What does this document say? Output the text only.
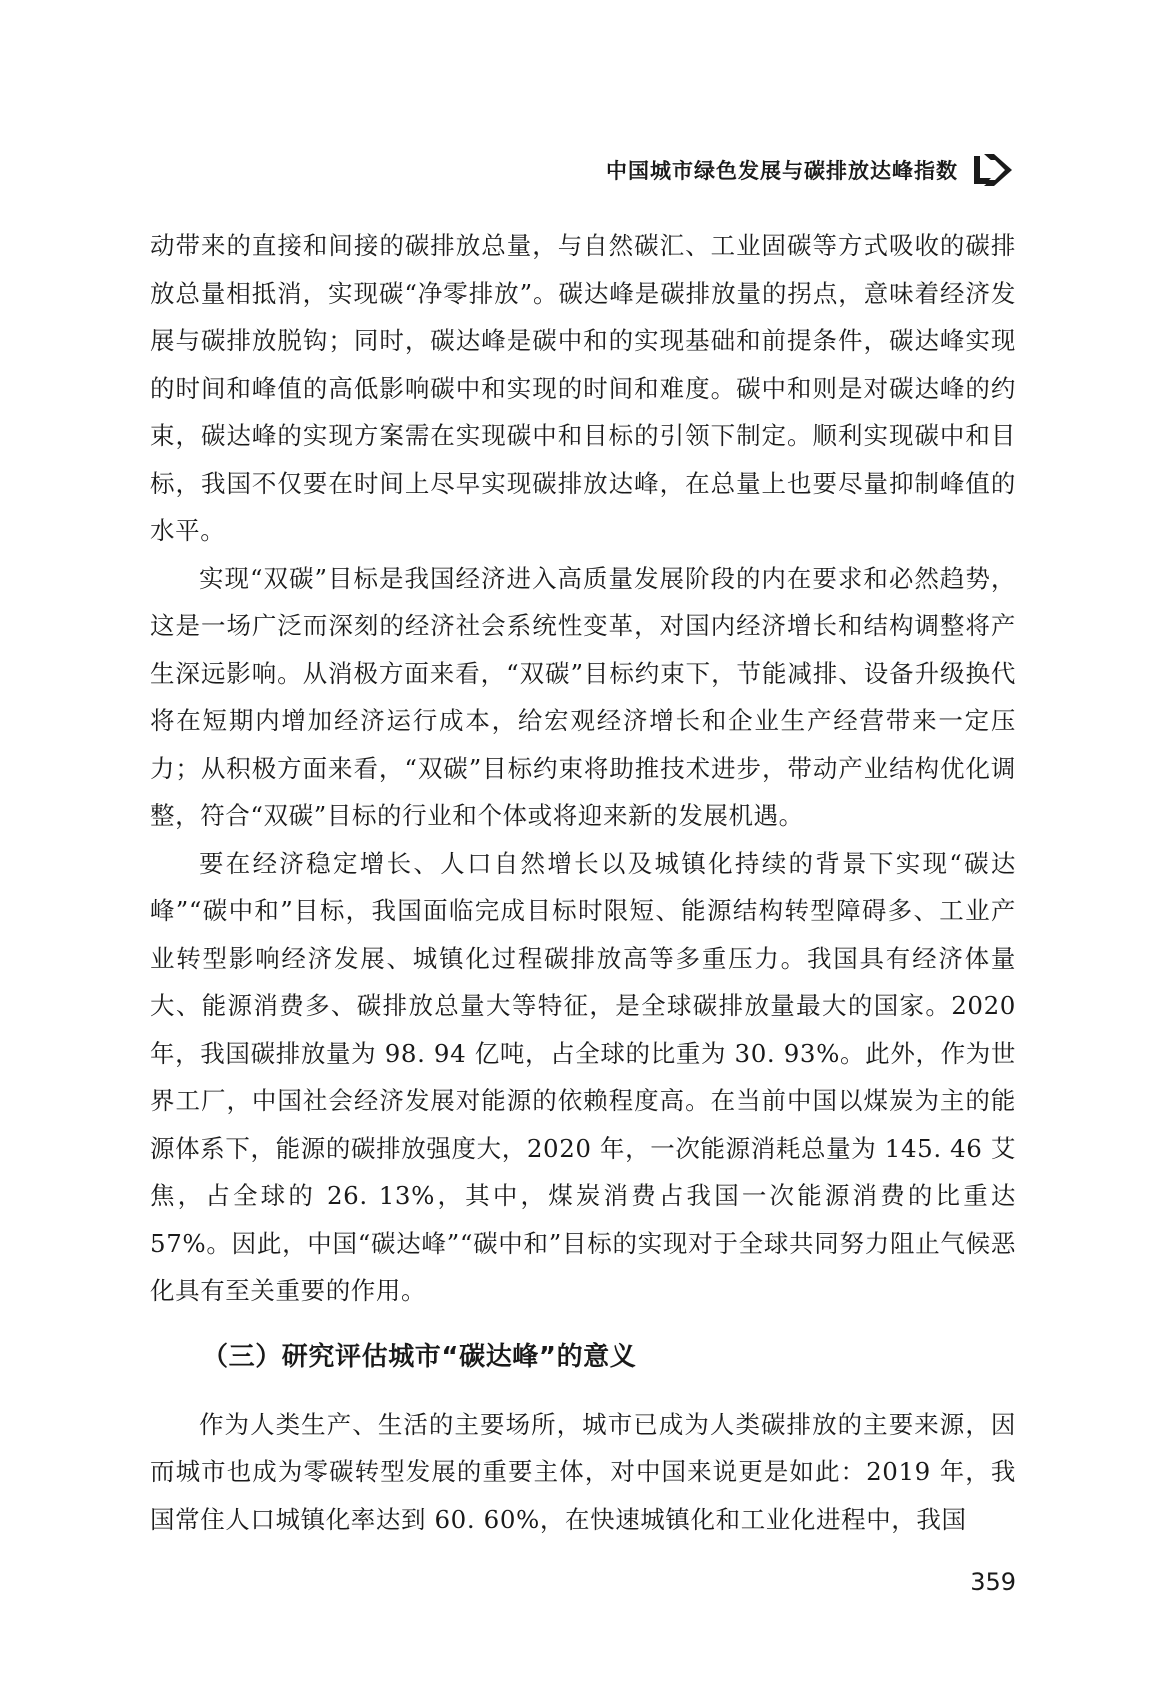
中国城市绿色发展与碳排放达峰指数

动带来的直接和间接的碳排放总量，与自然碳汇、工业固碳等方式吸收的碳排放总量相抵消，实现碳“净零排放”。碳达峰是碳排放量的拐点，意味着经济发展与碳排放脱钩；同时，碳达峰是碳中和的实现基础和前提条件，碳达峰实现的时间和峰值的高低影响碳中和实现的时间和难度。碳中和则是对碳达峰的约束，碳达峰的实现方案需在实现碳中和目标的引领下制定。顺利实现碳中和目标，我国不仅要在时间上尽早实现碳排放达峰，在总量上也要尽量抑制峰值的水平。

实现“双碳”目标是我国经济进入高质量发展阶段的内在要求和必然趋势，这是一场广泛而深刻的经济社会系统性变革，对国内经济增长和结构调整将产生深远影响。从消极方面来看，“双碳”目标约束下，节能减排、设备升级换代将在短期内增加经济运行成本，给宏观经济增长和企业生产经营带来一定压力；从积极方面来看，“双碳”目标约束将助推技术进步，带动产业结构优化调整，符合“双碳”目标的行业和个体或将迎来新的发展机遇。

要在经济稳定增长、人口自然增长以及城镇化持续的背景下实现“碳达峰”“碳中和”目标，我国面临完成目标时限短、能源结构转型障碍多、工业产业转型影响经济发展、城镇化过程碳排放高等多重压力。我国具有经济体量大、能源消费多、碳排放总量大等特征，是全球碳排放量最大的国家。2020 年，我国碳排放量为 98. 94 亿吨，占全球的比重为 30. 93%。此外，作为世界工厂，中国社会经济发展对能源的依赖程度高。在当前中国以煤炭为主的能源体系下，能源的碳排放强度大，2020 年，一次能源消耗总量为 145. 46 艾焦，占全球的 26. 13%，其中，煤炭消费占我国一次能源消费的比重达 57%。因此，中国“碳达峰”“碳中和”目标的实现对于全球共同努力阻止气候恶化具有至关重要的作用。

（三）研究评估城市“碳达峰”的意义

作为人类生产、生活的主要场所，城市已成为人类碳排放的主要来源，因而城市也成为零碳转型发展的重要主体，对中国来说更是如此：2019 年，我国常住人口城镇化率达到 60. 60%，在快速城镇化和工业化进程中，我国

359
